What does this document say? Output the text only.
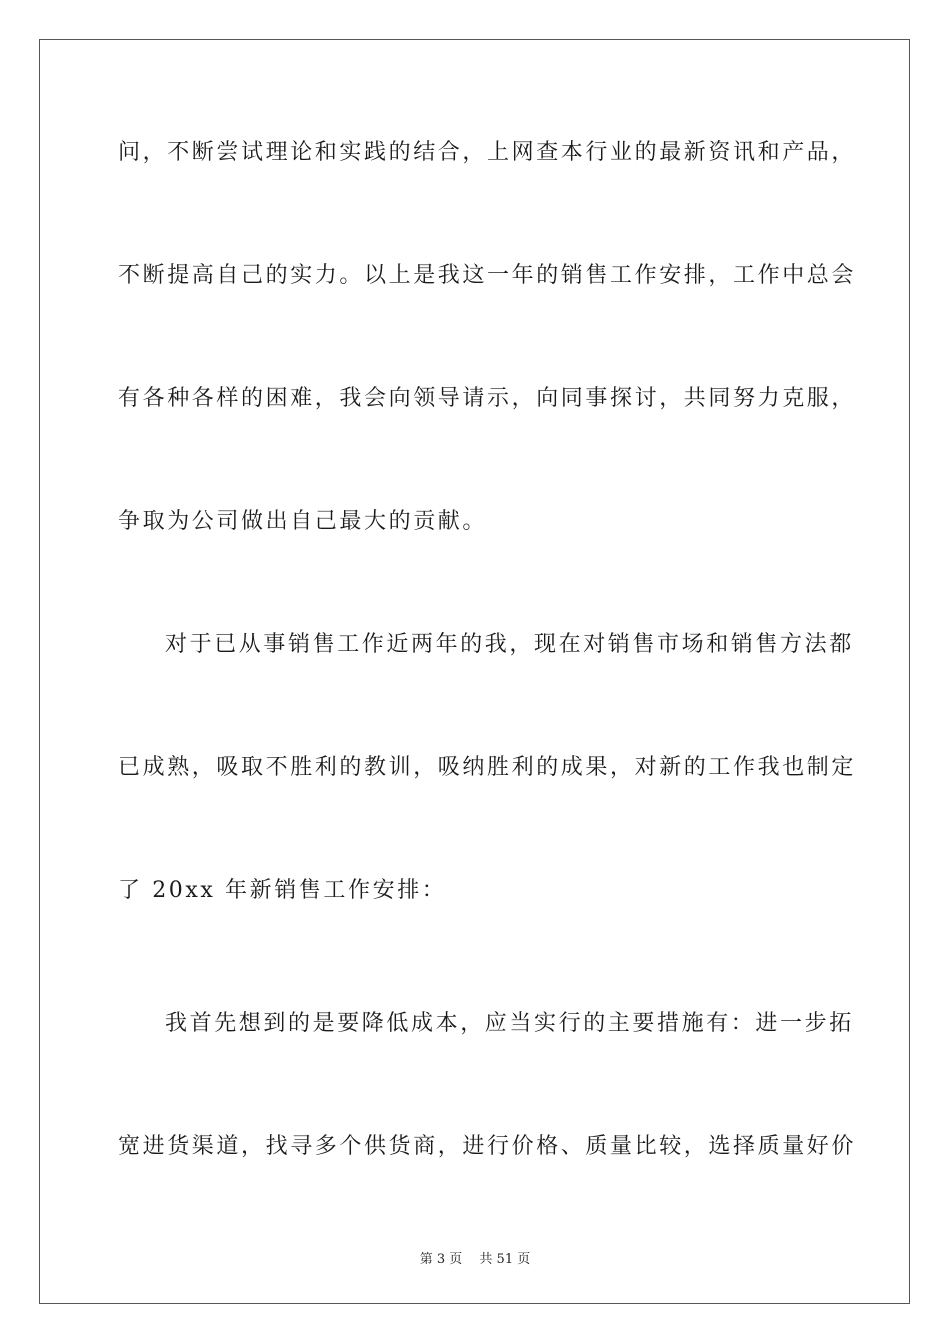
问，不断尝试理论和实践的结合，上网查本行业的最新资讯和产品，
不断提高自己的实力。以上是我这一年的销售工作安排，工作中总会
有各种各样的困难，我会向领导请示，向同事探讨，共同努力克服，
争取为公司做出自己最大的贡献。
对于已从事销售工作近两年的我，现在对销售市场和销售方法都
已成熟，吸取不胜利的教训，吸纳胜利的成果，对新的工作我也制定
了 20xx 年新销售工作安排：
我首先想到的是要降低成本，应当实行的主要措施有：进一步拓
宽进货渠道，找寻多个供货商，进行价格、质量比较，选择质量好价
第 3 页　 共 51 页
